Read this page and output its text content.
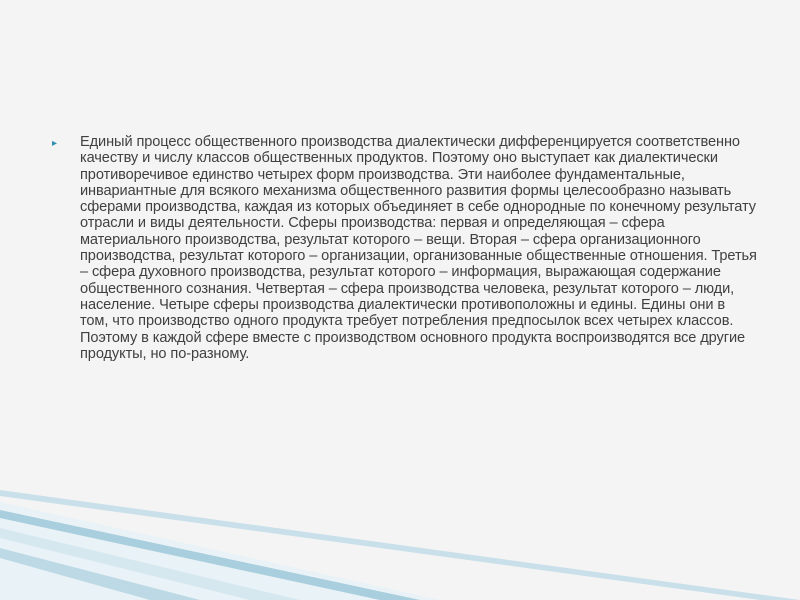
▸	Единый процесс общественного производства диалектически дифференцируется соответственно качеству и числу классов общественных продуктов. Поэтому оно выступает как диалектически противоречивое единство четырех форм производства. Эти наиболее фундаментальные, инвариантные для всякого механизма общественного развития формы целесообразно называть сферами производства, каждая из которых объединяет в себе однородные по конечному результату отрасли и виды деятельности. Сферы производства: первая и определяющая – сфера материального производства, результат которого – вещи. Вторая – сфера организационного производства, результат которого – организации, организованные общественные отношения. Третья – сфера духовного производства, результат которого – информация, выражающая содержание общественного сознания. Четвертая – сфера производства человека, результат которого – люди, население. Четыре сферы производства диалектически противоположны и едины. Едины они в том, что производство одного продукта требует потребления предпосылок всех четырех классов. Поэтому в каждой сфере вместе с производством основного продукта воспроизводятся все другие продукты, но по-разному.
